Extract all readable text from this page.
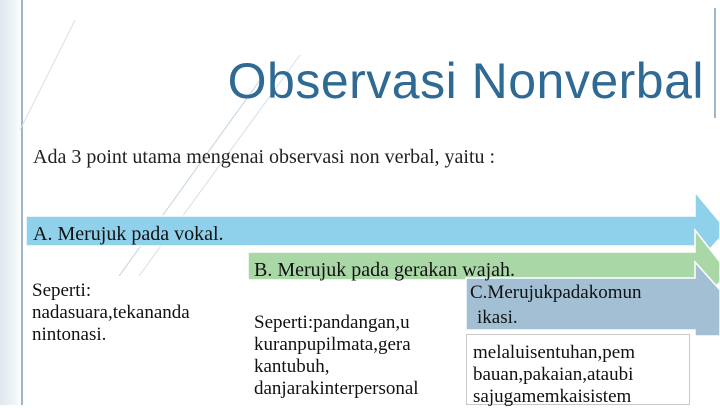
Observasi Nonverbal

Ada 3 point utama mengenai observasi non verbal, yaitu :

A. Merujuk pada vokal.

B. Merujuk pada gerakan wajah.

C.Merujukpadakomun

ikasi.

Seperti:
nadasuara,tekananda
nintonasi.
Seperti:pandangan,u
kuranpupilmata,gera
kantubuh,
danjarakinterpersonal
melaluisentuhan,pem
bauan,pakaian,ataubi
sajugamemkaisistem
